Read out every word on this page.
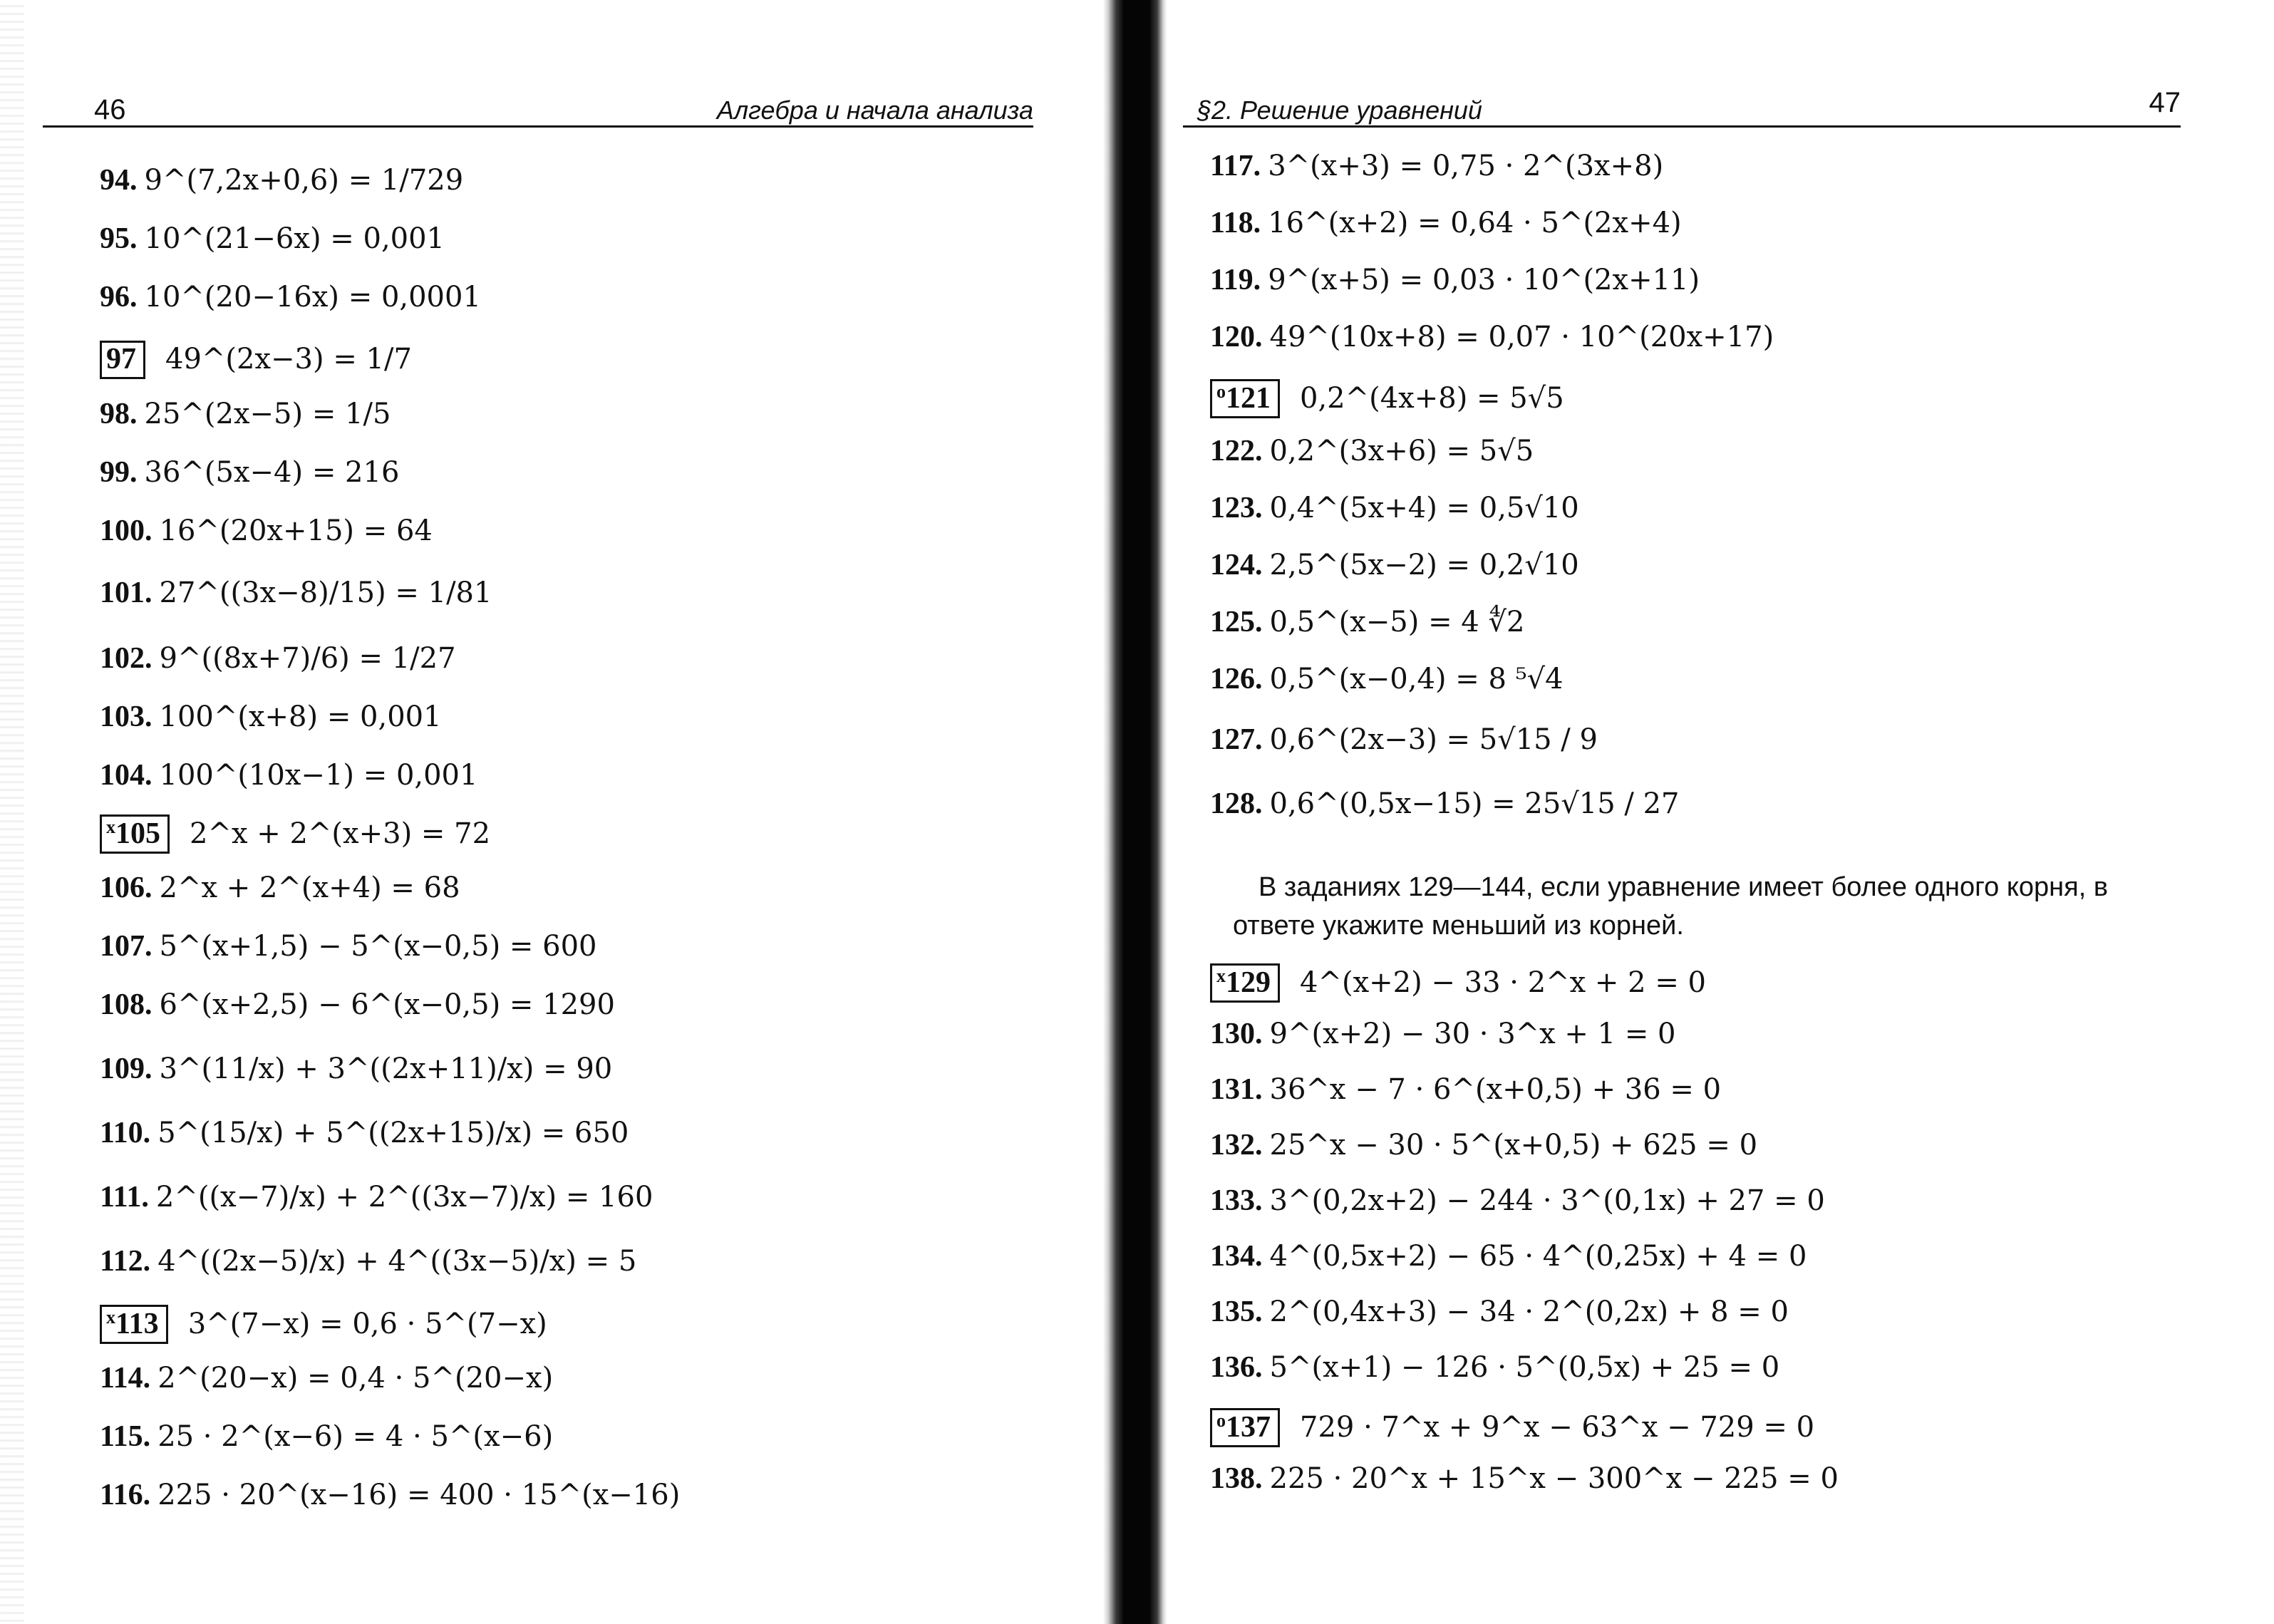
46	Алгебра и начала анализа
94. 9^(7,2x+0,6) = 1/729
95. 10^(21−6x) = 0,001
96. 10^(20−16x) = 0,0001
97 49^(2x−3) = 1/7
98. 25^(2x−5) = 1/5
99. 36^(5x−4) = 216
100. 16^(20x+15) = 64
101. 27^((3x−8)/15) = 1/81
102. 9^((8x+7)/6) = 1/27
103. 100^(x+8) = 0,001
104. 100^(10x−1) = 0,001
$^x$105 2^x + 2^(x+3) = 72
106. 2^x + 2^(x+4) = 68
107. 5^(x+1,5) − 5^(x−0,5) = 600
108. 6^(x+2,5) − 6^(x−0,5) = 1290
109. 3^(11/x) + 3^((2x+11)/x) = 90
110. 5^(15/x) + 5^((2x+15)/x) = 650
111. 2^((x−7)/x) + 2^((3x−7)/x) = 160
112. 4^((2x−5)/x) + 4^((3x−5)/x) = 5
$^x$113 3^(7−x) = 0,6 · 5^(7−x)
114. 2^(20−x) = 0,4 · 5^(20−x)
115. 25 · 2^(x−6) = 4 · 5^(x−6)
116. 225 · 20^(x−16) = 400 · 15^(x−16)
§2. Решение уравнений	47
117. 3^(x+3) = 0,75 · 2^(3x+8)
118. 16^(x+2) = 0,64 · 5^(2x+4)
119. 9^(x+5) = 0,03 · 10^(2x+11)
120. 49^(10x+8) = 0,07 · 10^(20x+17)
$^o$121 0,2^(4x+8) = 5√5
122. 0,2^(3x+6) = 5√5
123. 0,4^(5x+4) = 0,5√10
124. 2,5^(5x−2) = 0,2√10
125. 0,5^(x−5) = 4 ∜2
126. 0,5^(x−0,4) = 8 ⁵√4
127. 0,6^(2x−3) = 5√15 / 9
128. 0,6^(0,5x−15) = 25√15 / 27
В заданиях 129—144, если уравнение имеет более одного корня, в ответе укажите меньший из корней.
$^x$129 4^(x+2) − 33 · 2^x + 2 = 0
130. 9^(x+2) − 30 · 3^x + 1 = 0
131. 36^x − 7 · 6^(x+0,5) + 36 = 0
132. 25^x − 30 · 5^(x+0,5) + 625 = 0
133. 3^(0,2x+2) − 244 · 3^(0,1x) + 27 = 0
134. 4^(0,5x+2) − 65 · 4^(0,25x) + 4 = 0
135. 2^(0,4x+3) − 34 · 2^(0,2x) + 8 = 0
136. 5^(x+1) − 126 · 5^(0,5x) + 25 = 0
$^o$137 729 · 7^x + 9^x − 63^x − 729 = 0
138. 225 · 20^x + 15^x − 300^x − 225 = 0
